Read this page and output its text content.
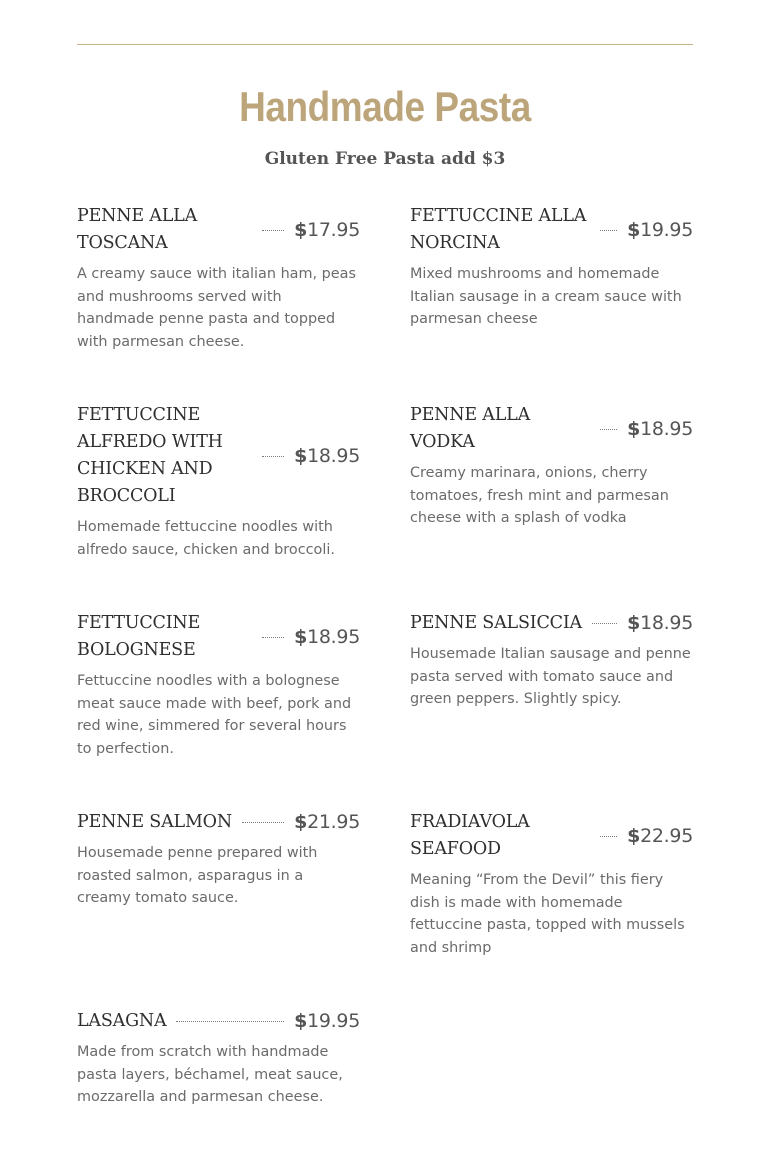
Handmade Pasta
Gluten Free Pasta add $3
PENNE ALLA TOSCANA
$17.95
A creamy sauce with italian ham, peas and mushrooms served with handmade penne pasta and topped with parmesan cheese.
FETTUCCINE ALLA NORCINA
$19.95
Mixed mushrooms and homemade Italian sausage in a cream sauce with parmesan cheese
FETTUCCINE ALFREDO WITH CHICKEN AND BROCCOLI
$18.95
Homemade fettuccine noodles with alfredo sauce, chicken and broccoli.
PENNE ALLA VODKA
$18.95
Creamy marinara, onions, cherry tomatoes, fresh mint and parmesan cheese with a splash of vodka
FETTUCCINE BOLOGNESE
$18.95
Fettuccine noodles with a bolognese meat sauce made with beef, pork and red wine, simmered for several hours to perfection.
PENNE SALSICCIA $18.95
Housemade Italian sausage and penne pasta served with tomato sauce and green peppers. Slightly spicy.
PENNE SALMON	$21.95
Housemade penne prepared with roasted salmon, asparagus in a creamy tomato sauce.
FRADIAVOLA SEAFOOD
$22.95
Meaning “From the Devil” this fiery dish is made with homemade fettuccine pasta, topped with mussels and shrimp
LASAGNA	$19.95
Made from scratch with handmade pasta layers, béchamel, meat sauce, mozzarella and parmesan cheese.
